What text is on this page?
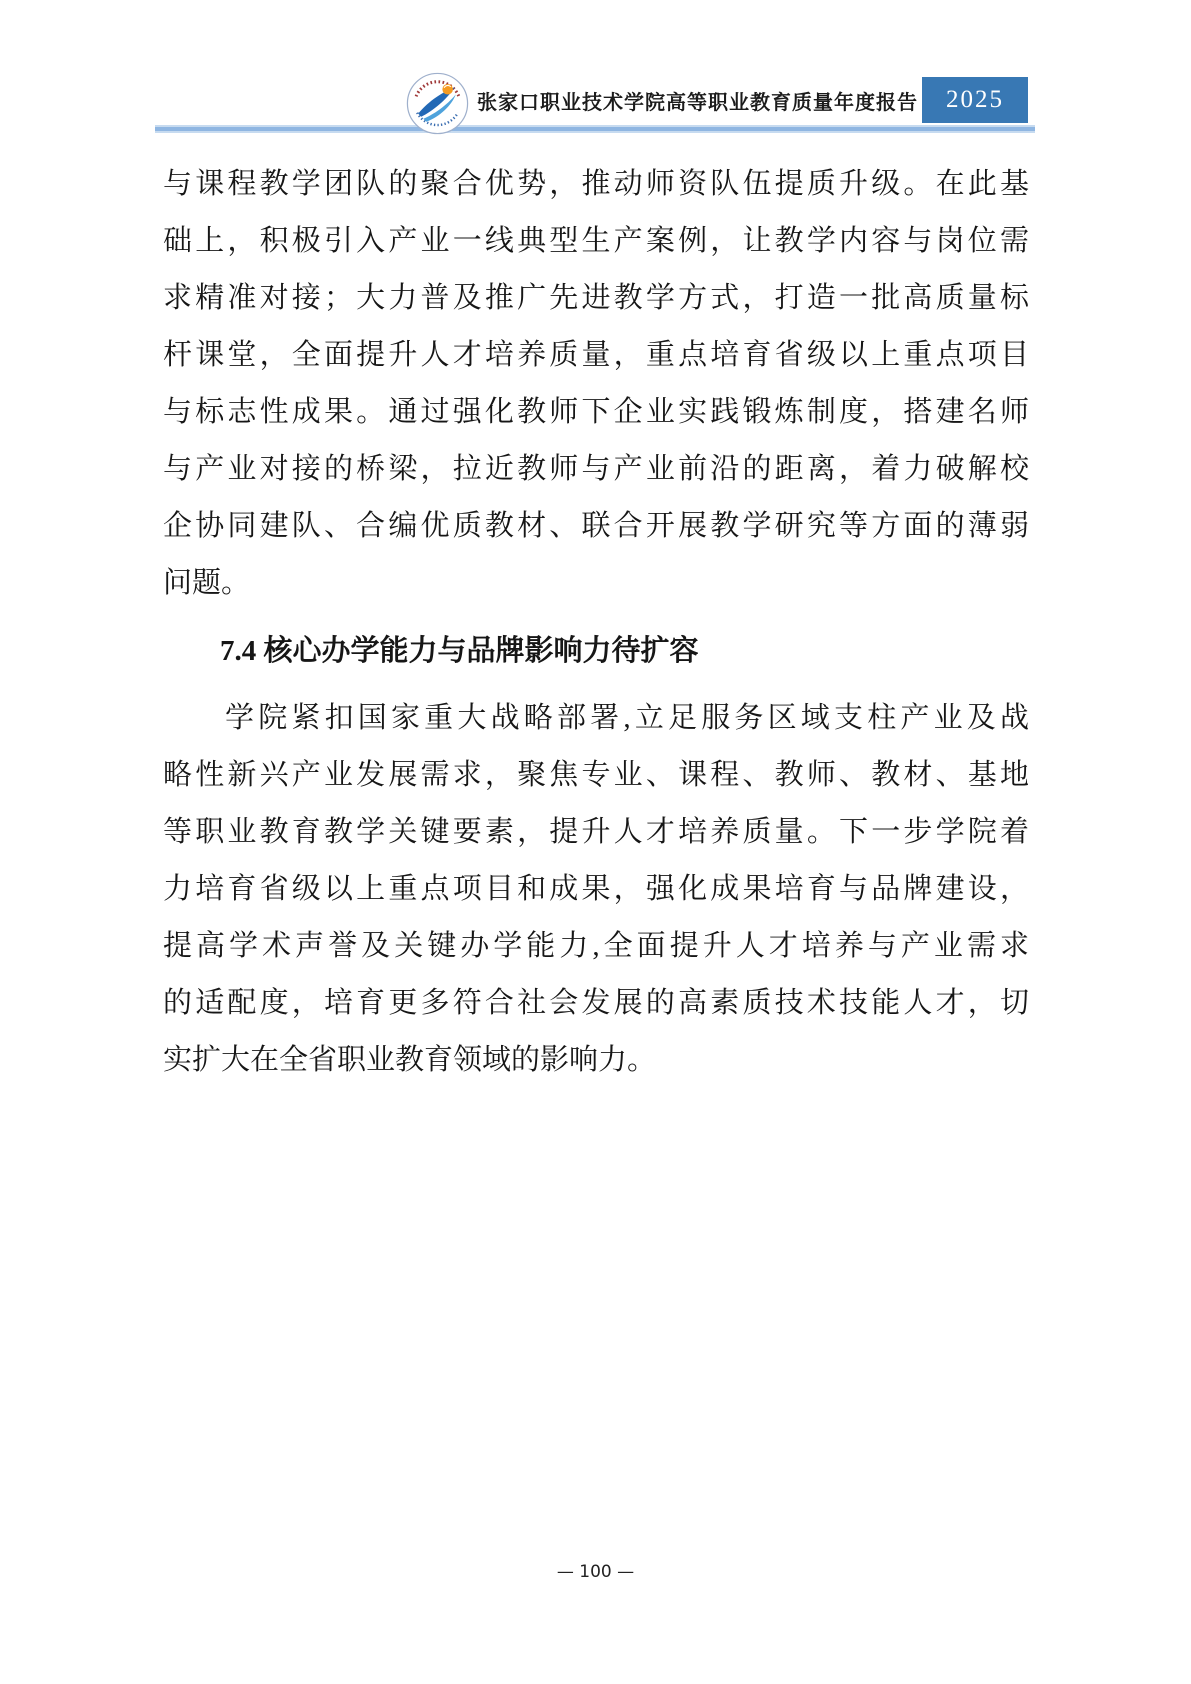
张家口职业技术学院高等职业教育质量年度报告	2025
与课程教学团队的聚合优势，推动师资队伍提质升级。在此基
础上，积极引入产业一线典型生产案例，让教学内容与岗位需
求精准对接；大力普及推广先进教学方式，打造一批高质量标
杆课堂，全面提升人才培养质量，重点培育省级以上重点项目
与标志性成果。通过强化教师下企业实践锻炼制度，搭建名师
与产业对接的桥梁，拉近教师与产业前沿的距离，着力破解校
企协同建队、合编优质教材、联合开展教学研究等方面的薄弱
问题。
7.4 核心办学能力与品牌影响力待扩容
学院紧扣国家重大战略部署,立足服务区域支柱产业及战
略性新兴产业发展需求，聚焦专业、课程、教师、教材、基地
等职业教育教学关键要素，提升人才培养质量。下一步学院着
力培育省级以上重点项目和成果，强化成果培育与品牌建设，
提高学术声誉及关键办学能力,全面提升人才培养与产业需求
的适配度，培育更多符合社会发展的高素质技术技能人才，切
实扩大在全省职业教育领域的影响力。
— 100 —
